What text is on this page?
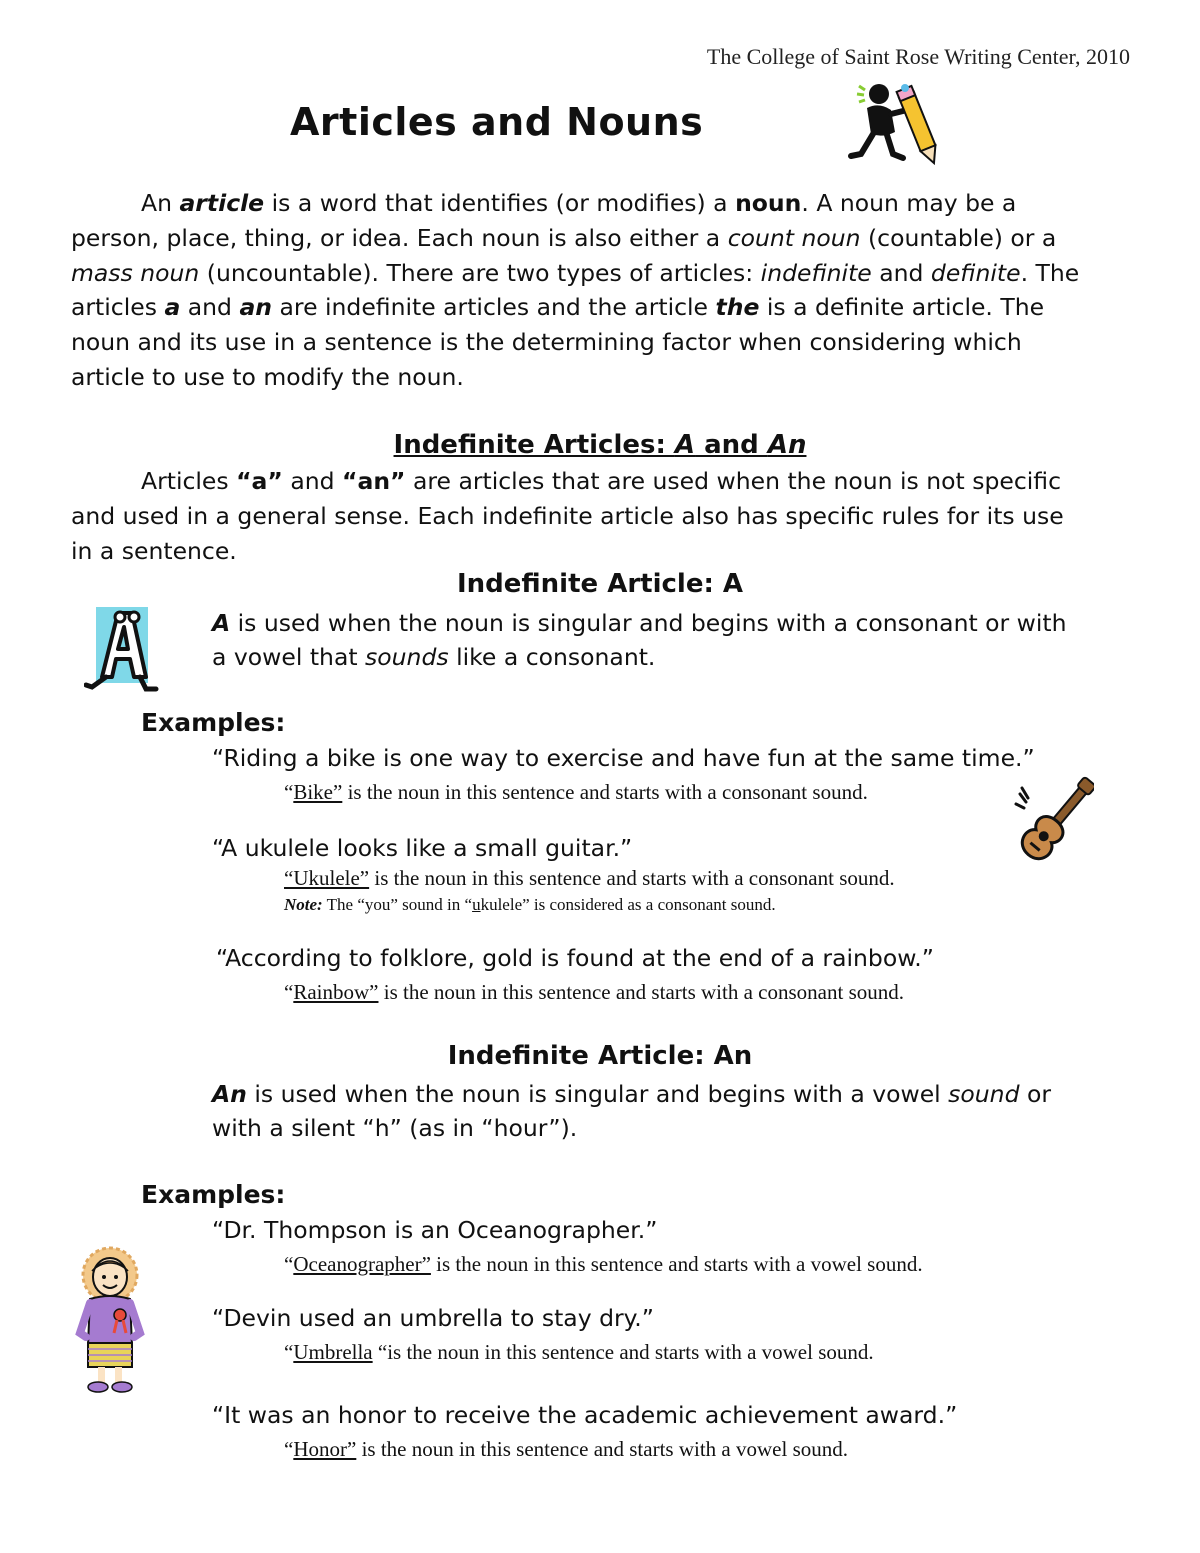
The College of Saint Rose Writing Center, 2010
Articles and Nouns
An article is a word that identifies (or modifies) a noun. A noun may be a
person, place, thing, or idea. Each noun is also either a count noun (countable) or a
mass noun (uncountable). There are two types of articles: indefinite and definite. The
articles a and an are indefinite articles and the article the is a definite article. The
noun and its use in a sentence is the determining factor when considering which
article to use to modify the noun.
Indefinite Articles: A and An
Articles “a” and “an” are articles that are used when the noun is not specific
and used in a general sense. Each indefinite article also has specific rules for its use
in a sentence.
Indefinite Article: A
A is used when the noun is singular and begins with a consonant or with
a vowel that sounds like a consonant.
Examples:
“Riding a bike is one way to exercise and have fun at the same time.”
“Bike” is the noun in this sentence and starts with a consonant sound.
“A ukulele looks like a small guitar.”
“Ukulele” is the noun in this sentence and starts with a consonant sound.
Note: The “you” sound in “ukulele” is considered as a consonant sound.
“According to folklore, gold is found at the end of a rainbow.”
“Rainbow” is the noun in this sentence and starts with a consonant sound.
Indefinite Article: An
An is used when the noun is singular and begins with a vowel sound or
with a silent “h” (as in “hour”).
Examples:
“Dr. Thompson is an Oceanographer.”
“Oceanographer” is the noun in this sentence and starts with a vowel sound.
“Devin used an umbrella to stay dry.”
“Umbrella “is the noun in this sentence and starts with a vowel sound.
“It was an honor to receive the academic achievement award.”
“Honor” is the noun in this sentence and starts with a vowel sound.
